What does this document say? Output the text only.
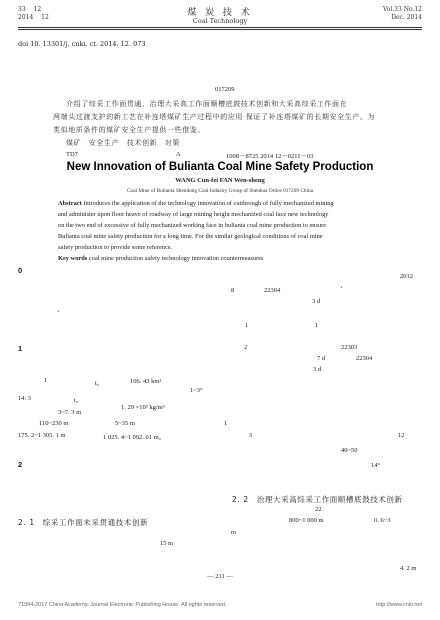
33　 12
2014　 12	煤 炭 技 术
Coal Technology
Vol.33 No.12
Dec. 2014
doi 10. 13301/j. cnki. ct. 2014. 12. 073
017209
介绍了综采工作面贯通、治理大采高工作面顺槽底鼓技术创新和大采高综采工作面在
两端头过渡支护的新工艺在补连塔煤矿生产过程中的应用 保证了补连塔煤矿的长期安全生产。为
类似地质条件的煤矿安全生产提供一些借鉴。
煤矿　安全生产　技术创新　对策
TD7	A	1008－8725 2014 12－0211－03
New Innovation of Bulianta Coal Mine Safety Production
WANG Cun-fei FAN Wen-sheng
Coal Mine of Bulianta Shendong Coal Industry Group of Shenhua Ordos 017209 China
Abstract Introduces the application of the technology innovation of cutthrough of fully mechanized mining
and administer upon floor heave of roadway of large mining height mechanized coal face new technology
on the two end of excessive of fully mechanized working face in bulianta coal mine production to ensure
Bulianta coal mine safety production for a long time. For the similar geological conditions of coal mine
safety production to provide some reference.
Key words coal mine production safety technology innovation countermeasures
0
2012
、
8	22304
3 d
、
1	1
1	2	22303
7 d	22304
3 d
1	t。	106. 43 km²
1~3°
14. 3	t。
3~7. 3 m
1. 29 ×10³ kg/m³
110~230 m	5~35 m	1
175. 2~1 305. 1 m	1 025. 4~1 092. 01 m。	3	12
40~50
14°
2
2. 2　治理大采高综采工作面顺槽底鼓技术创新
22
2. 1　综采工作面末采贯通技术创新	800~1 000 m	0. 6~3
m
15 m
4. 2 m
— 211 —
?1994-2017 China Academic Journal Electronic Publishing House. All rights reserved.	http://www.cnki.net
